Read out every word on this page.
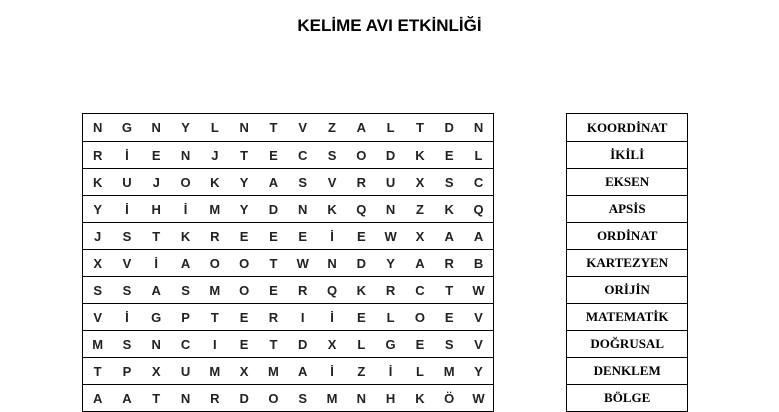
KELİME AVI ETKİNLİĞİ
N	G	N	Y	L	N	T	V	Z	A	L	T	D	N
R	İ	E	N	J	T	E	C	S	O	D	K	E	L
K	U	J	O	K	Y	A	S	V	R	U	X	S	C
Y	İ	H	İ	M	Y	D	N	K	Q	N	Z	K	Q
J	S	T	K	R	E	E	E	İ	E	W	X	A	A
X	V	İ	A	O	O	T	W	N	D	Y	A	R	B
S	S	A	S	M	O	E	R	Q	K	R	C	T	W
V	İ	G	P	T	E	R	I	İ	E	L	O	E	V
M	S	N	C	I	E	T	D	X	L	G	E	S	V
T	P	X	U	M	X	M	A	İ	Z	İ	L	M	Y
A	A	T	N	R	D	O	S	M	N	H	K	Ö	W
KOORDİNAT
İKİLİ
EKSEN
APSİS
ORDİNAT
KARTEZYEN
ORİJİN
MATEMATİK
DOĞRUSAL
DENKLEM
BÖLGE
